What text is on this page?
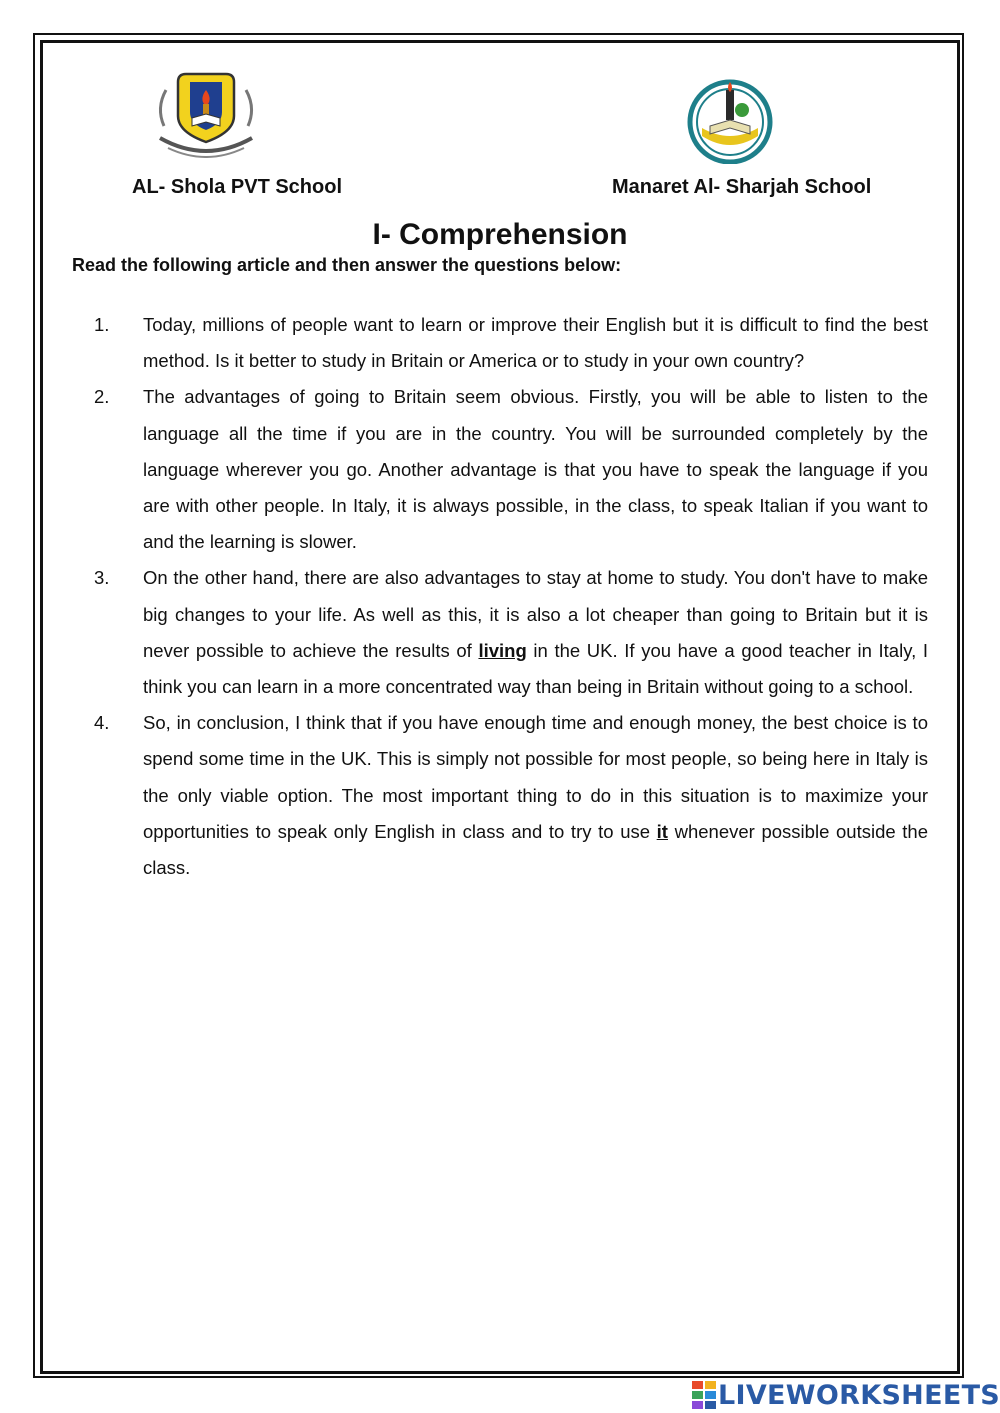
AL- Shola PVT School	Manaret Al- Sharjah School
I- Comprehension

Read the following article and then answer the questions below:

1. Today, millions of people want to learn or improve their English but it is difficult to find the best method. Is it better to study in Britain or America or to study in your own country?
2. The advantages of going to Britain seem obvious. Firstly, you will be able to listen to the language all the time if you are in the country. You will be surrounded completely by the language wherever you go. Another advantage is that you have to speak the language if you are with other people. In Italy, it is always possible, in the class, to speak Italian if you want to and the learning is slower.
3. On the other hand, there are also advantages to stay at home to study. You don't have to make big changes to your life. As well as this, it is also a lot cheaper than going to Britain but it is never possible to achieve the results of living in the UK. If you have a good teacher in Italy, I think you can learn in a more concentrated way than being in Britain without going to a school.
4. So, in conclusion, I think that if you have enough time and enough money, the best choice is to spend some time in the UK. This is simply not possible for most people, so being here in Italy is the only viable option. The most important thing to do in this situation is to maximize your opportunities to speak only English in class and to try to use it whenever possible outside the class.
LIVEWORKSHEETS
